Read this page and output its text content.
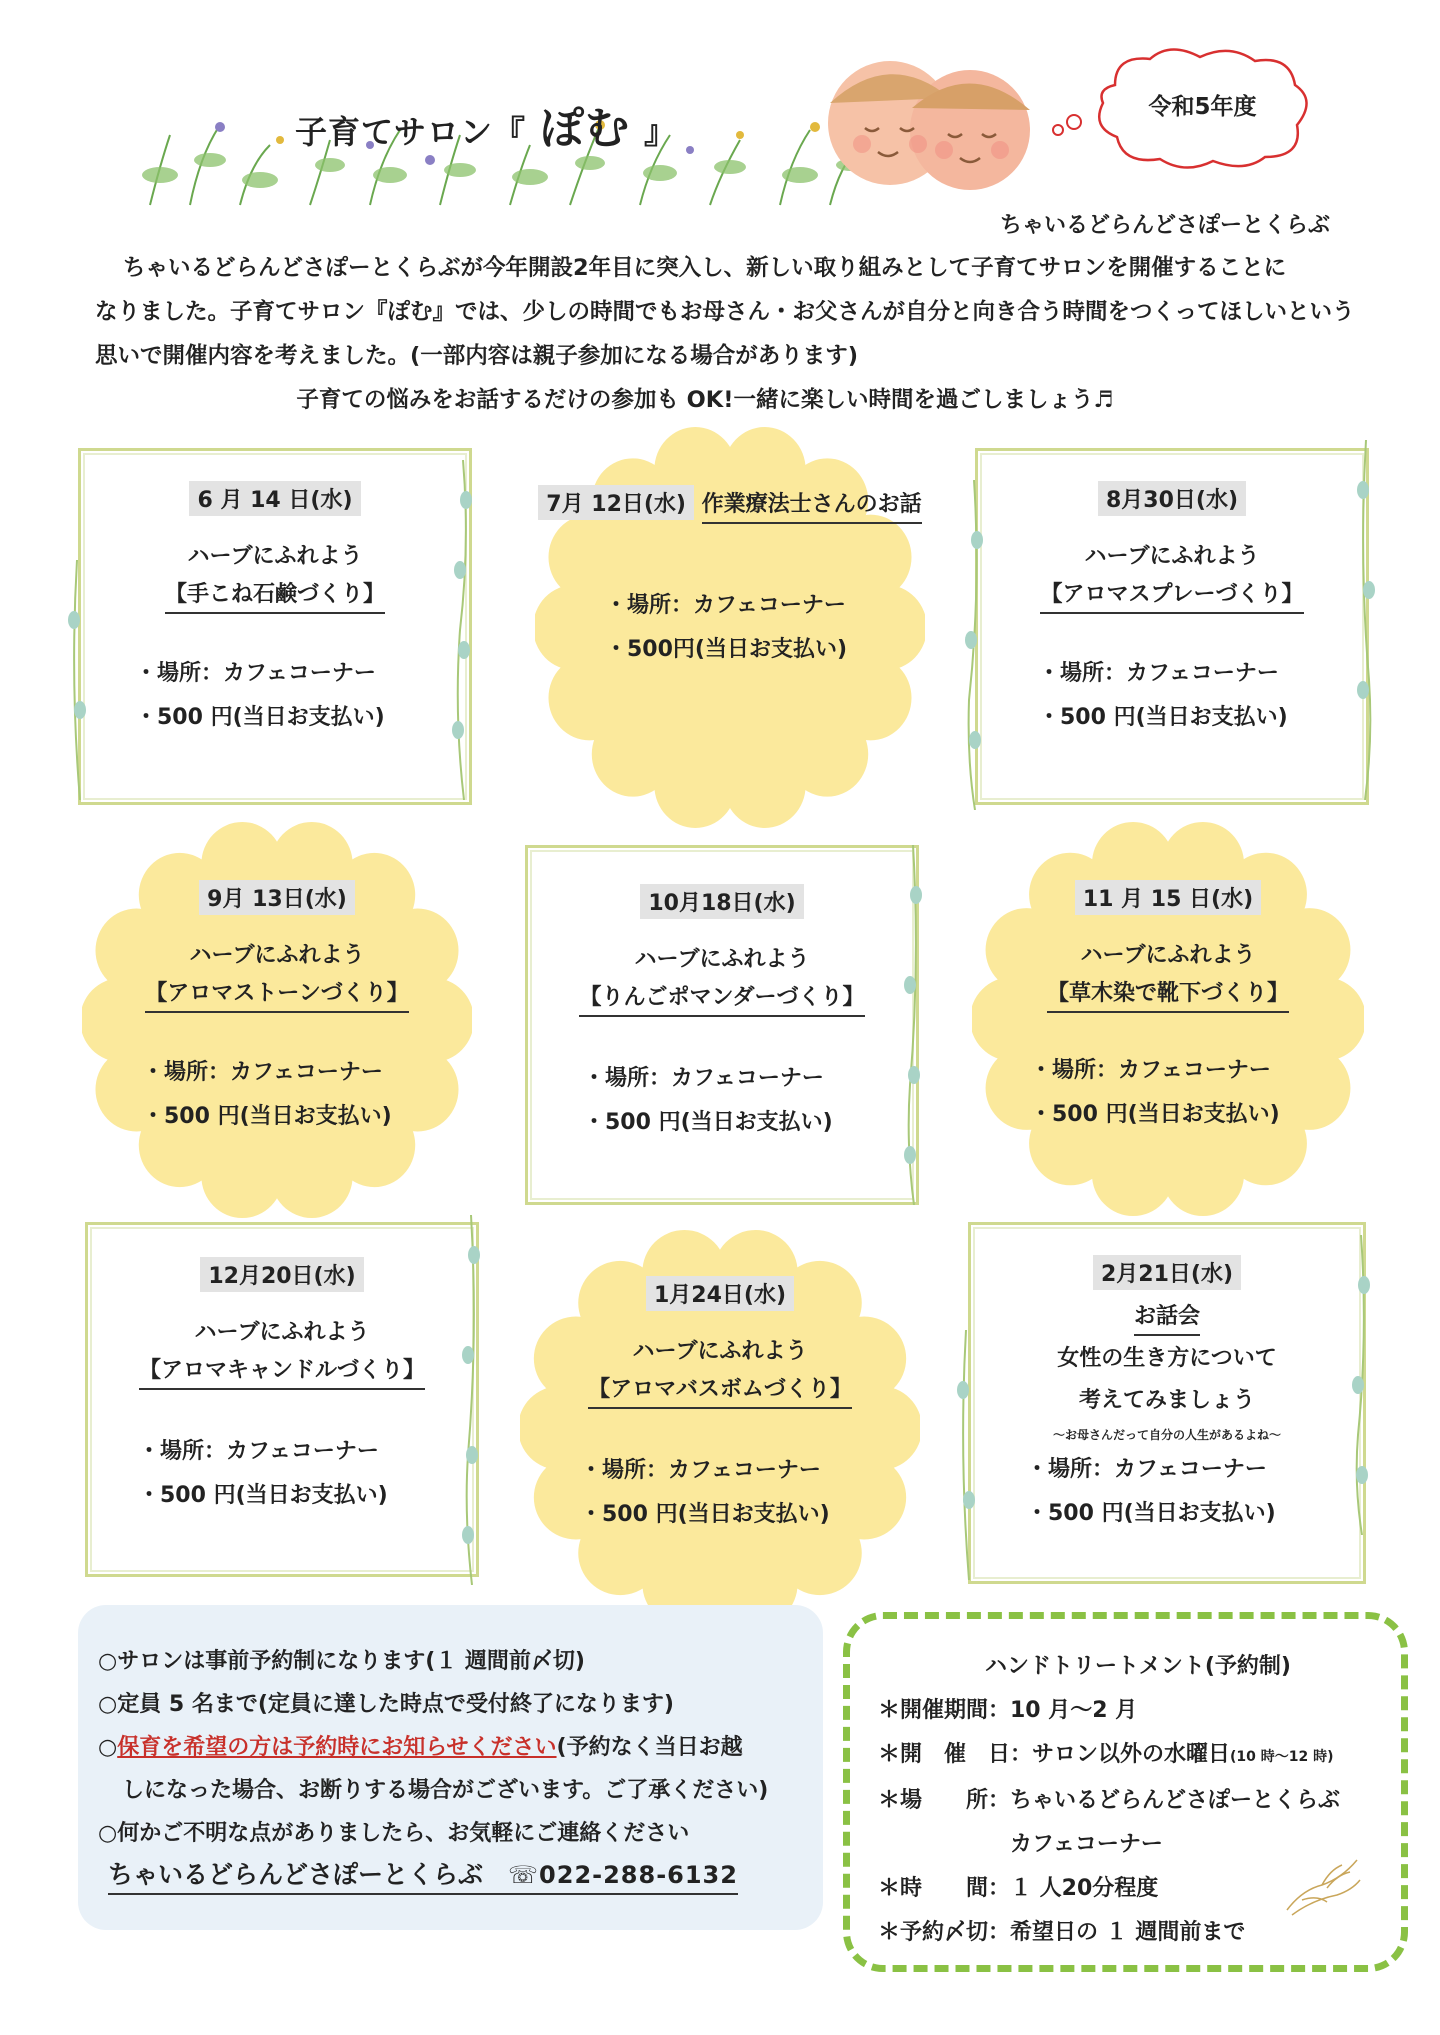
子育てサロン『 ぽむ 』
令和5年度
ちゃいるどらんどさぽーとくらぶ

ちゃいるどらんどさぽーとくらぶが今年開設2年目に突入し、新しい取り組みとして子育てサロンを開催することに

なりました。子育てサロン『ぽむ』では、少しの時間でもお母さん・お父さんが自分と向き合う時間をつくってほしいという

思いで開催内容を考えました。(一部内容は親子参加になる場合があります)

子育ての悩みをお話するだけの参加も OK!一緒に楽しい時間を過ごしましょう♬

6 月 14 日(水)
ハーブにふれよう
【手こね石鹸づくり】
・場所：カフェコーナー
・500 円(当日お支払い)
7月 12日(水) 作業療法士さんのお話
・場所：カフェコーナー
・500円(当日お支払い)
8月30日(水)
ハーブにふれよう
【アロマスプレーづくり】
・場所：カフェコーナー
・500 円(当日お支払い)
9月 13日(水)
ハーブにふれよう
【アロマストーンづくり】
・場所：カフェコーナー
・500 円(当日お支払い)
10月18日(水)
ハーブにふれよう
【りんごポマンダーづくり】
・場所：カフェコーナー
・500 円(当日お支払い)
11 月 15 日(水)
ハーブにふれよう
【草木染で靴下づくり】
・場所：カフェコーナー
・500 円(当日お支払い)
12月20日(水)
ハーブにふれよう
【アロマキャンドルづくり】
・場所：カフェコーナー
・500 円(当日お支払い)
1月24日(水)
ハーブにふれよう
【アロマバスボムづくり】
・場所：カフェコーナー
・500 円(当日お支払い)
2月21日(水)
お話会
女性の生き方について
考えてみましょう
～お母さんだって自分の人生があるよね～
・場所：カフェコーナー
・500 円(当日お支払い)

○サロンは事前予約制になります(１ 週間前〆切)

○定員 5 名まで(定員に達した時点で受付終了になります)

○保育を希望の方は予約時にお知らせください(予約なく当日お越

しになった場合、お断りする場合がございます。ご了承ください)

○何かご不明な点がありましたら、お気軽にご連絡ください

ちゃいるどらんどさぽーとくらぶ　 ☏022-288-6132

ハンドトリートメント(予約制)

＊開催期間：10 月～2 月

＊開　催　日：サロン以外の水曜日(10 時～12 時)

＊場　　所：ちゃいるどらんどさぽーとくらぶ

カフェコーナー

＊時　　間：１ 人20分程度

＊予約〆切：希望日の １ 週間前まで
